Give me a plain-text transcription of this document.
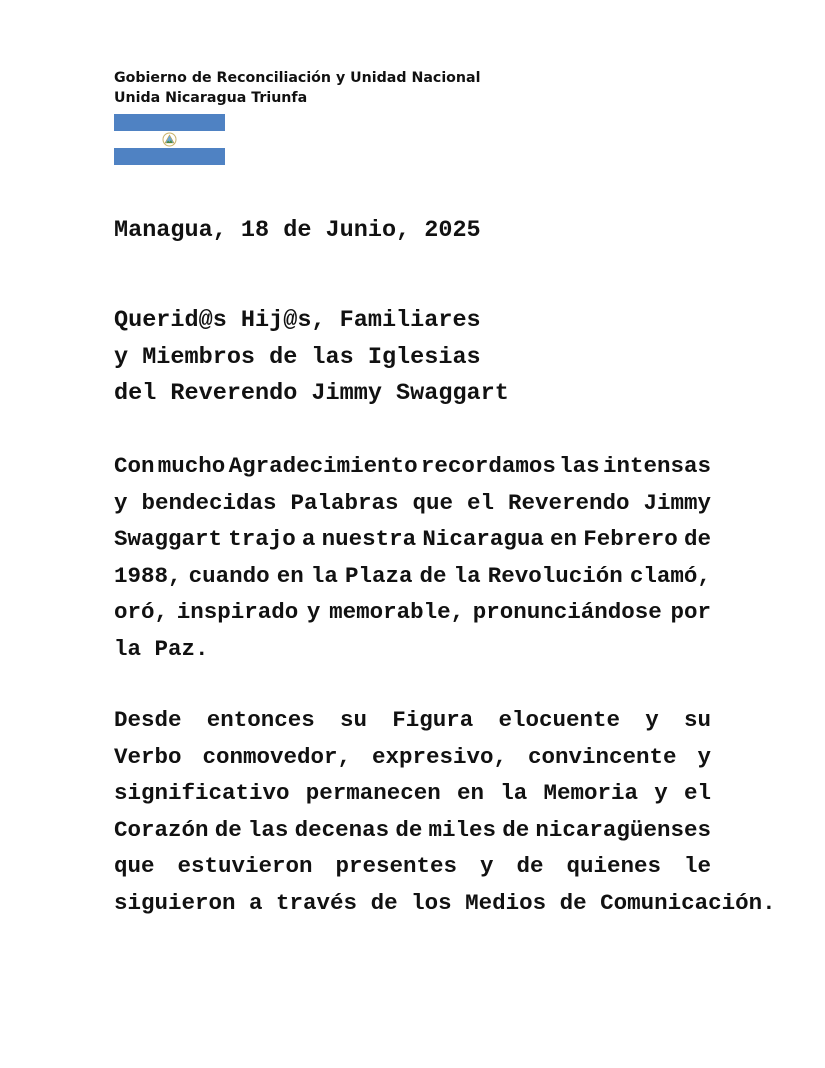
Gobierno de Reconciliación y Unidad Nacional
Unida Nicaragua Triunfa
Managua, 18 de Junio, 2025
Querid@s Hij@s, Familiares
y Miembros de las Iglesias
del Reverendo Jimmy Swaggart
Con mucho Agradecimiento recordamos las intensas
y bendecidas Palabras que el Reverendo Jimmy
Swaggart trajo a nuestra Nicaragua en Febrero de
1988, cuando en la Plaza de la Revolución clamó,
oró, inspirado y memorable, pronunciándose por
la Paz.
Desde entonces su Figura elocuente y su
Verbo conmovedor, expresivo, convincente y
significativo permanecen en la Memoria y el
Corazón de las decenas de miles de nicaragüenses
que estuvieron presentes y de quienes le
siguieron a través de los Medios de Comunicación.
